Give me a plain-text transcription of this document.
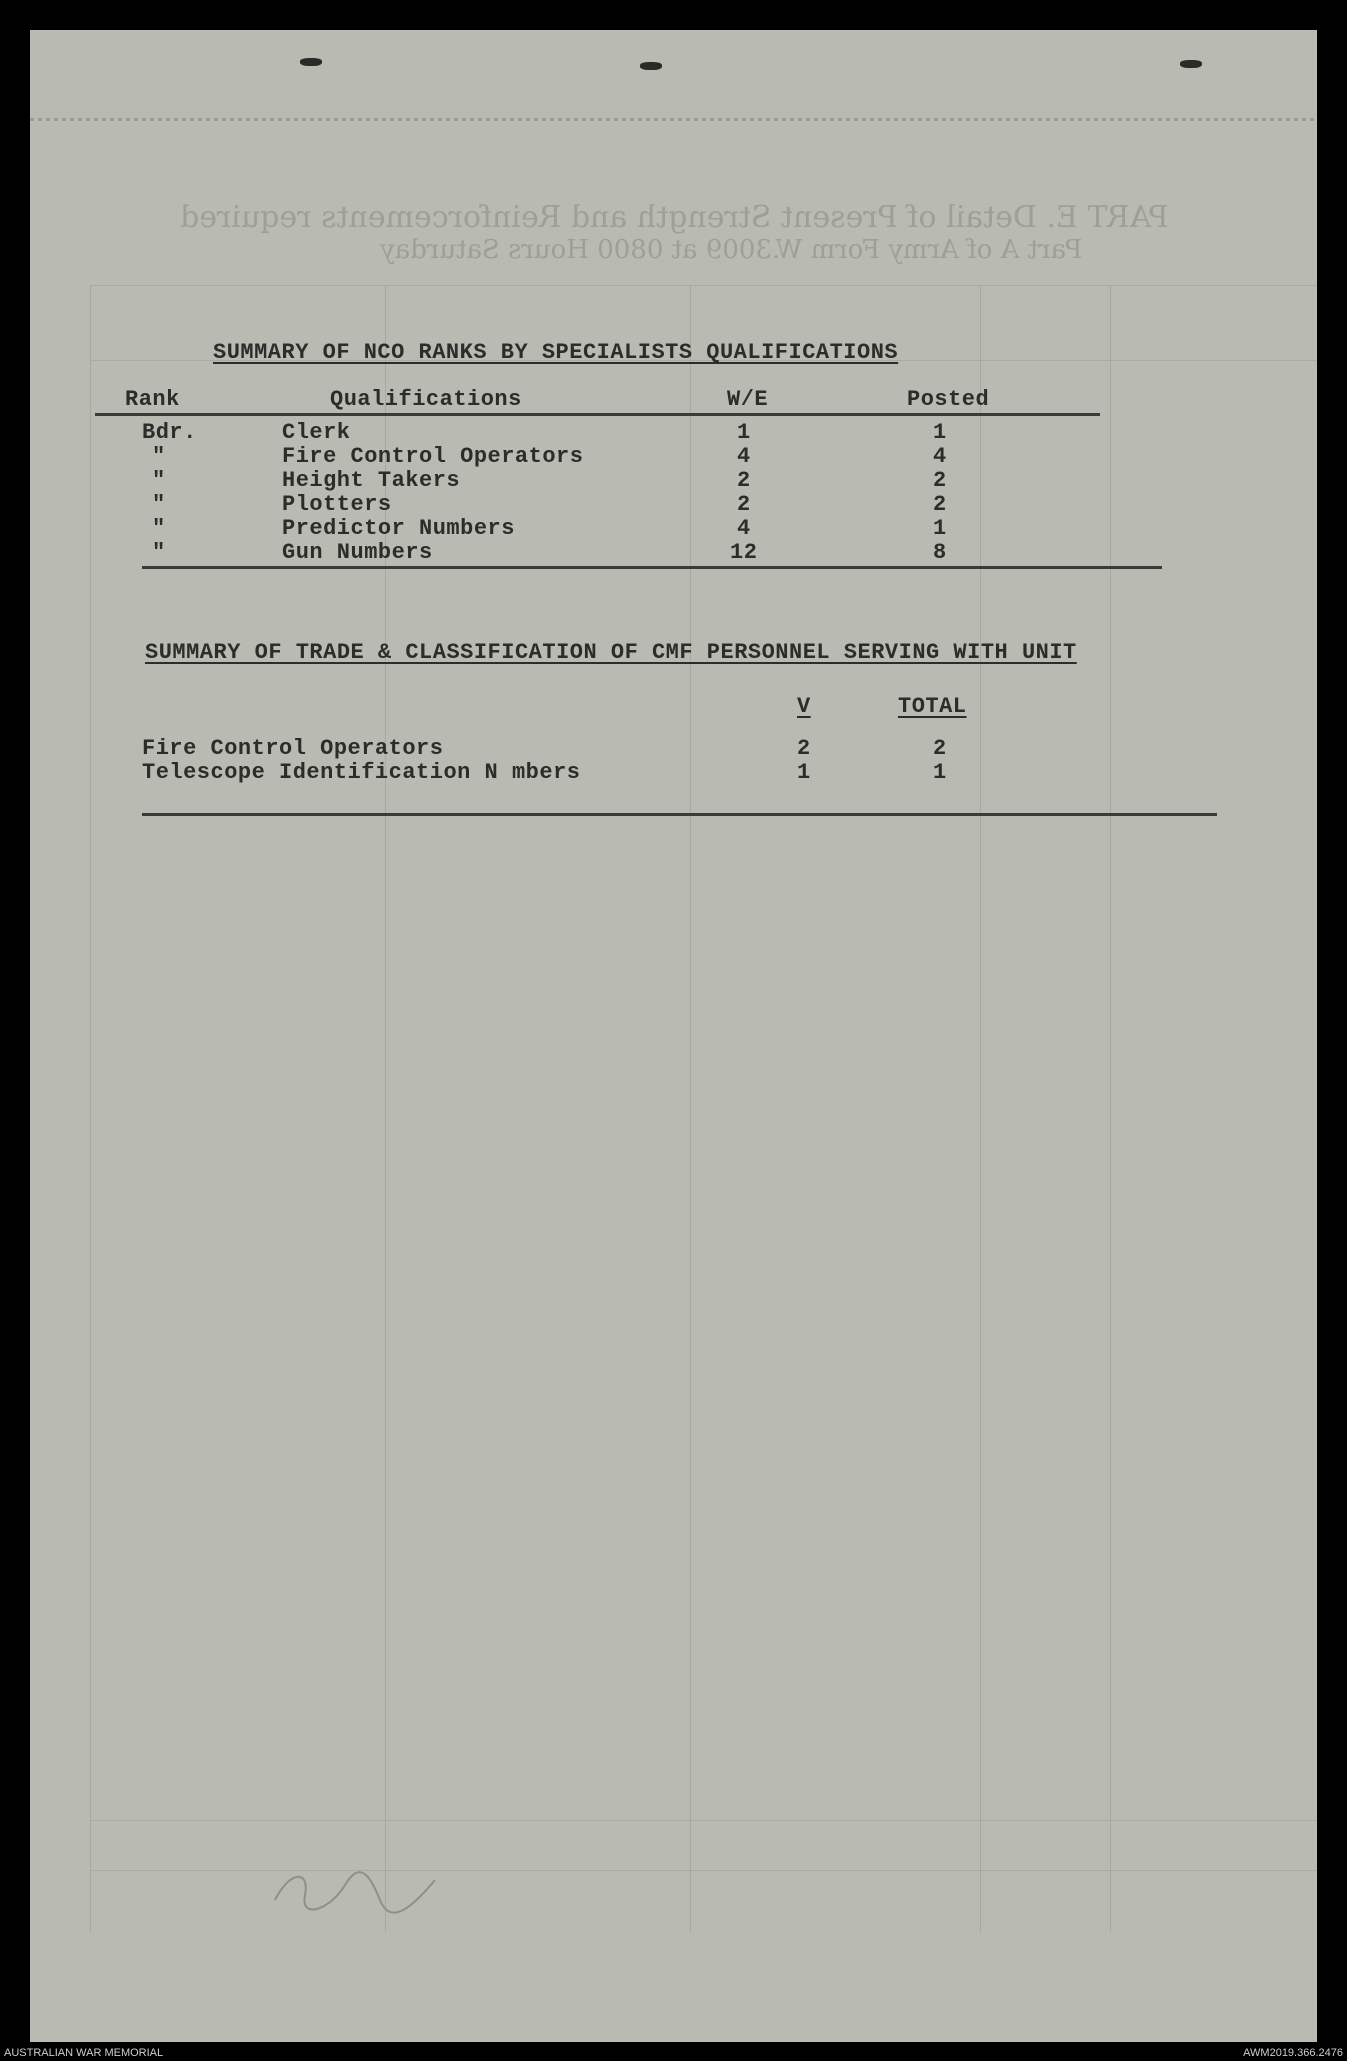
PART E. Detail of Present Strength and Reinforcements required
Part A of Army Form W.3009 at 0800 Hours Saturday
SUMMARY OF NCO RANKS BY SPECIALISTS QUALIFICATIONS
Rank	Qualifications	W/E	Posted
Bdr.	Clerk	1	1
"	Fire Control Operators	4	4
"	Height Takers	2	2
"	Plotters	2	2
"	Predictor Numbers	4	1
"	Gun Numbers	12	8
SUMMARY OF TRADE & CLASSIFICATION OF CMF PERSONNEL SERVING WITH UNIT
V	TOTAL
Fire Control Operators	2	2
Telescope Identification N mbers	1	1
AUSTRALIAN WAR MEMORIAL	AWM2019.366.2476
